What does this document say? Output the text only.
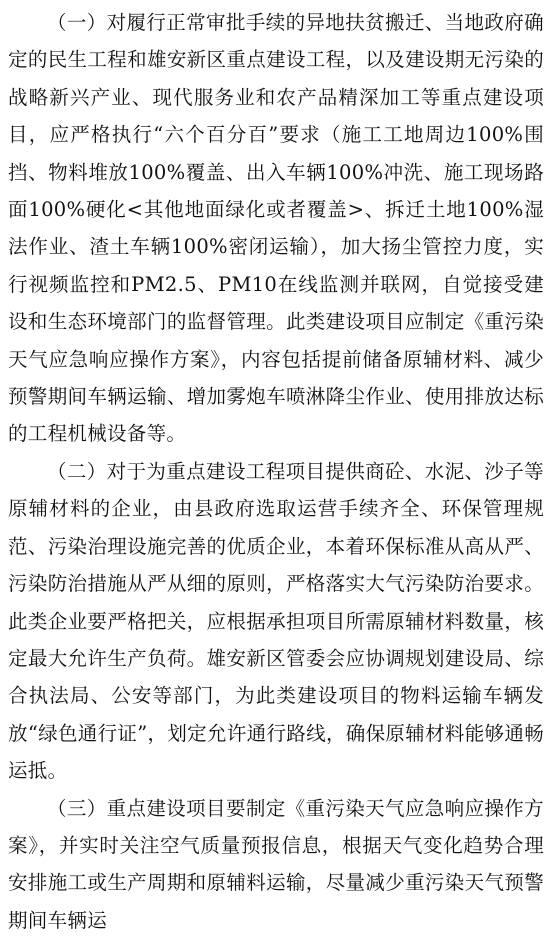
（一）对履行正常审批手续的异地扶贫搬迁、当地政府确定的民生工程和雄安新区重点建设工程，以及建设期无污染的战略新兴产业、现代服务业和农产品精深加工等重点建设项目，应严格执行“六个百分百”要求（施工工地周边100%围挡、物料堆放100%覆盖、出入车辆100%冲洗、施工现场路面100%硬化<其他地面绿化或者覆盖>、拆迁土地100%湿法作业、渣土车辆100%密闭运输），加大扬尘管控力度，实行视频监控和PM2.5、PM10在线监测并联网，自觉接受建设和生态环境部门的监督管理。此类建设项目应制定《重污染天气应急响应操作方案》，内容包括提前储备原辅材料、减少预警期间车辆运输、增加雾炮车喷淋降尘作业、使用排放达标的工程机械设备等。

（二）对于为重点建设工程项目提供商砼、水泥、沙子等原辅材料的企业，由县政府选取运营手续齐全、环保管理规范、污染治理设施完善的优质企业，本着环保标准从高从严、污染防治措施从严从细的原则，严格落实大气污染防治要求。此类企业要严格把关，应根据承担项目所需原辅材料数量，核定最大允许生产负荷。雄安新区管委会应协调规划建设局、综合执法局、公安等部门，为此类建设项目的物料运输车辆发放“绿色通行证”，划定允许通行路线，确保原辅材料能够通畅运抵。

（三）重点建设项目要制定《重污染天气应急响应操作方案》，并实时关注空气质量预报信息，根据天气变化趋势合理安排施工或生产周期和原辅料运输，尽量减少重污染天气预警期间车辆运
